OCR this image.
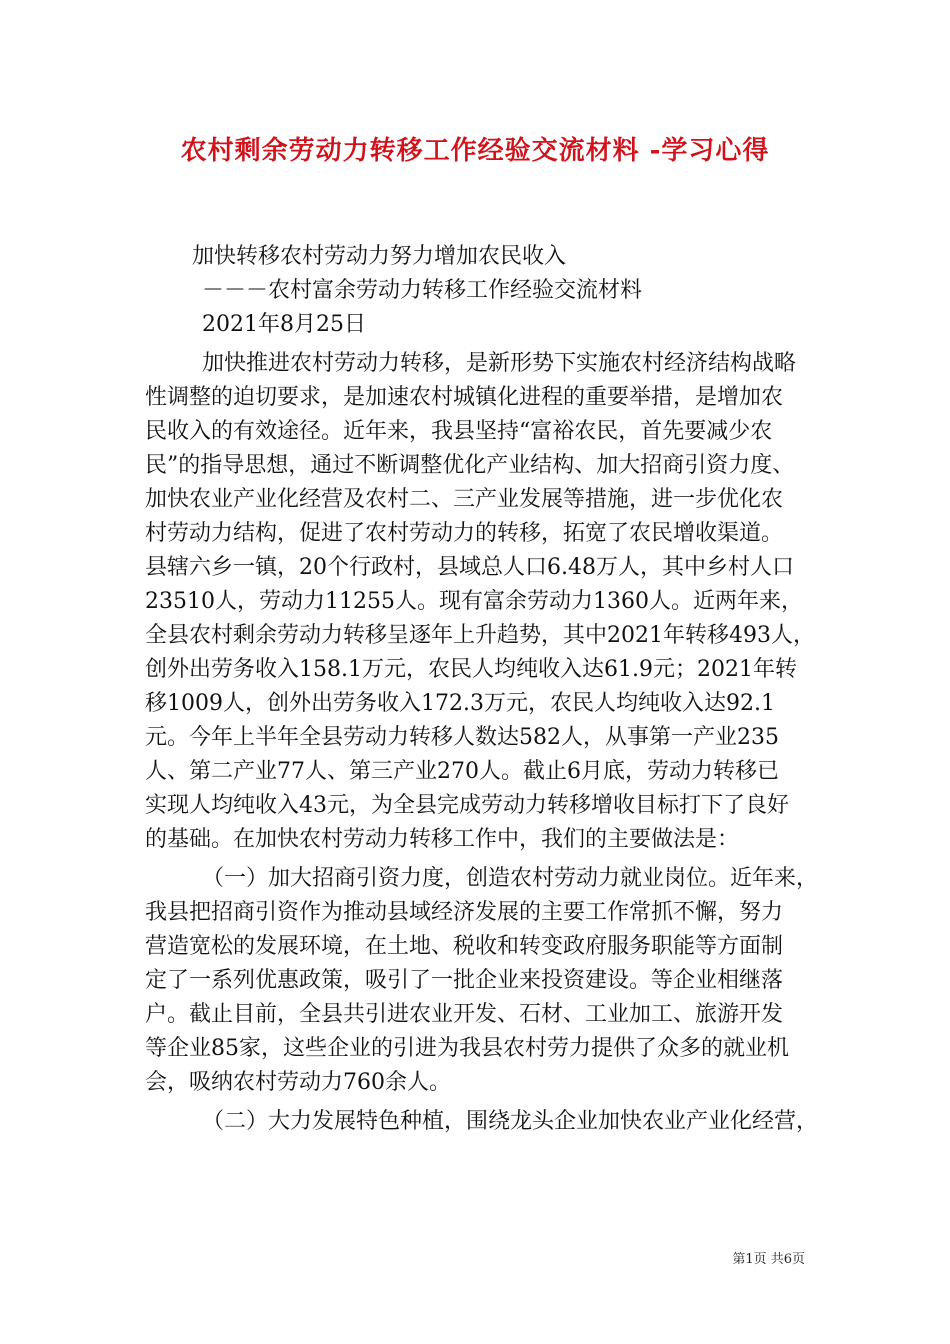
农村剩余劳动力转移工作经验交流材料 -学习心得
加快转移农村劳动力努力增加农民收入
－－－农村富余劳动力转移工作经验交流材料
2021年8月25日
加快推进农村劳动力转移，是新形势下实施农村经济结构战略
性调整的迫切要求，是加速农村城镇化进程的重要举措，是增加农
民收入的有效途径。近年来，我县坚持“富裕农民，首先要减少农
民”的指导思想，通过不断调整优化产业结构、加大招商引资力度、
加快农业产业化经营及农村二、三产业发展等措施，进一步优化农
村劳动力结构，促进了农村劳动力的转移，拓宽了农民增收渠道。
县辖六乡一镇，20个行政村，县域总人口6.48万人，其中乡村人口
23510人，劳动力11255人。现有富余劳动力1360人。近两年来，
全县农村剩余劳动力转移呈逐年上升趋势，其中2021年转移493人，
创外出劳务收入158.1万元，农民人均纯收入达61.9元；2021年转
移1009人，创外出劳务收入172.3万元，农民人均纯收入达92.1
元。今年上半年全县劳动力转移人数达582人，从事第一产业235
人、第二产业77人、第三产业270人。截止6月底，劳动力转移已
实现人均纯收入43元，为全县完成劳动力转移增收目标打下了良好
的基础。在加快农村劳动力转移工作中，我们的主要做法是：
（一）加大招商引资力度，创造农村劳动力就业岗位。近年来，
我县把招商引资作为推动县域经济发展的主要工作常抓不懈，努力
营造宽松的发展环境，在土地、税收和转变政府服务职能等方面制
定了一系列优惠政策，吸引了一批企业来投资建设。等企业相继落
户。截止目前，全县共引进农业开发、石材、工业加工、旅游开发
等企业85家，这些企业的引进为我县农村劳力提供了众多的就业机
会，吸纳农村劳动力760余人。
（二）大力发展特色种植，围绕龙头企业加快农业产业化经营，
第1页 共6页
